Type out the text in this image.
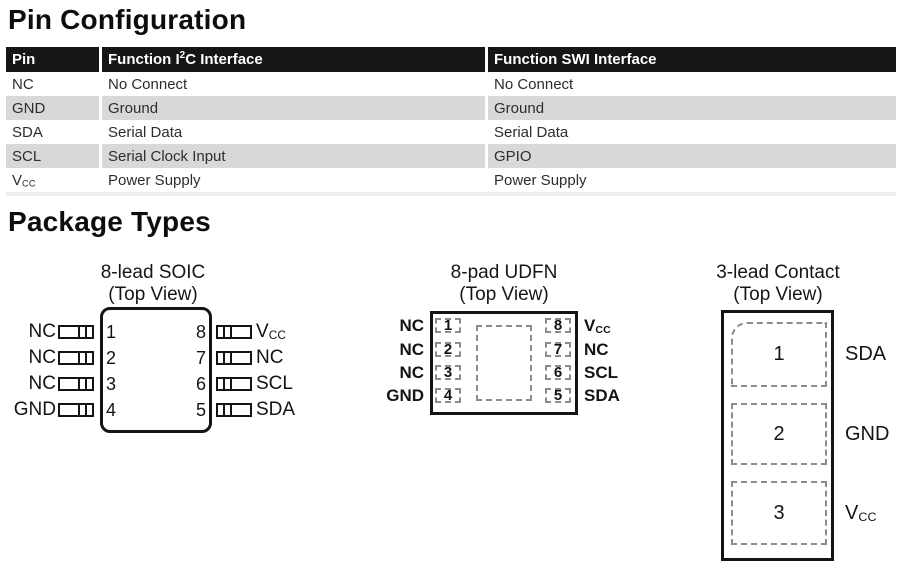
Pin Configuration
Pin	Function $I^2C$ Interface	Function SWI Interface
NC	No Connect	No Connect
GND	Ground	Ground
SDA	Serial Data	Serial Data
SCL	Serial Clock Input	GPIO
VCC	Power Supply	Power Supply
Package Types
8-lead SOIC
(Top View)
NC
NC
NC
GND
1
2
3
4
8
7
6
5
VCC
NC
SCL
SDA
8-pad UDFN
(Top View)
NC
NC
NC
GND
1
2
3
4
8
7
6
5
VCC
NC
SCL
SDA
3-lead Contact
(Top View)
1
2
3
SDA
GND
VCC
